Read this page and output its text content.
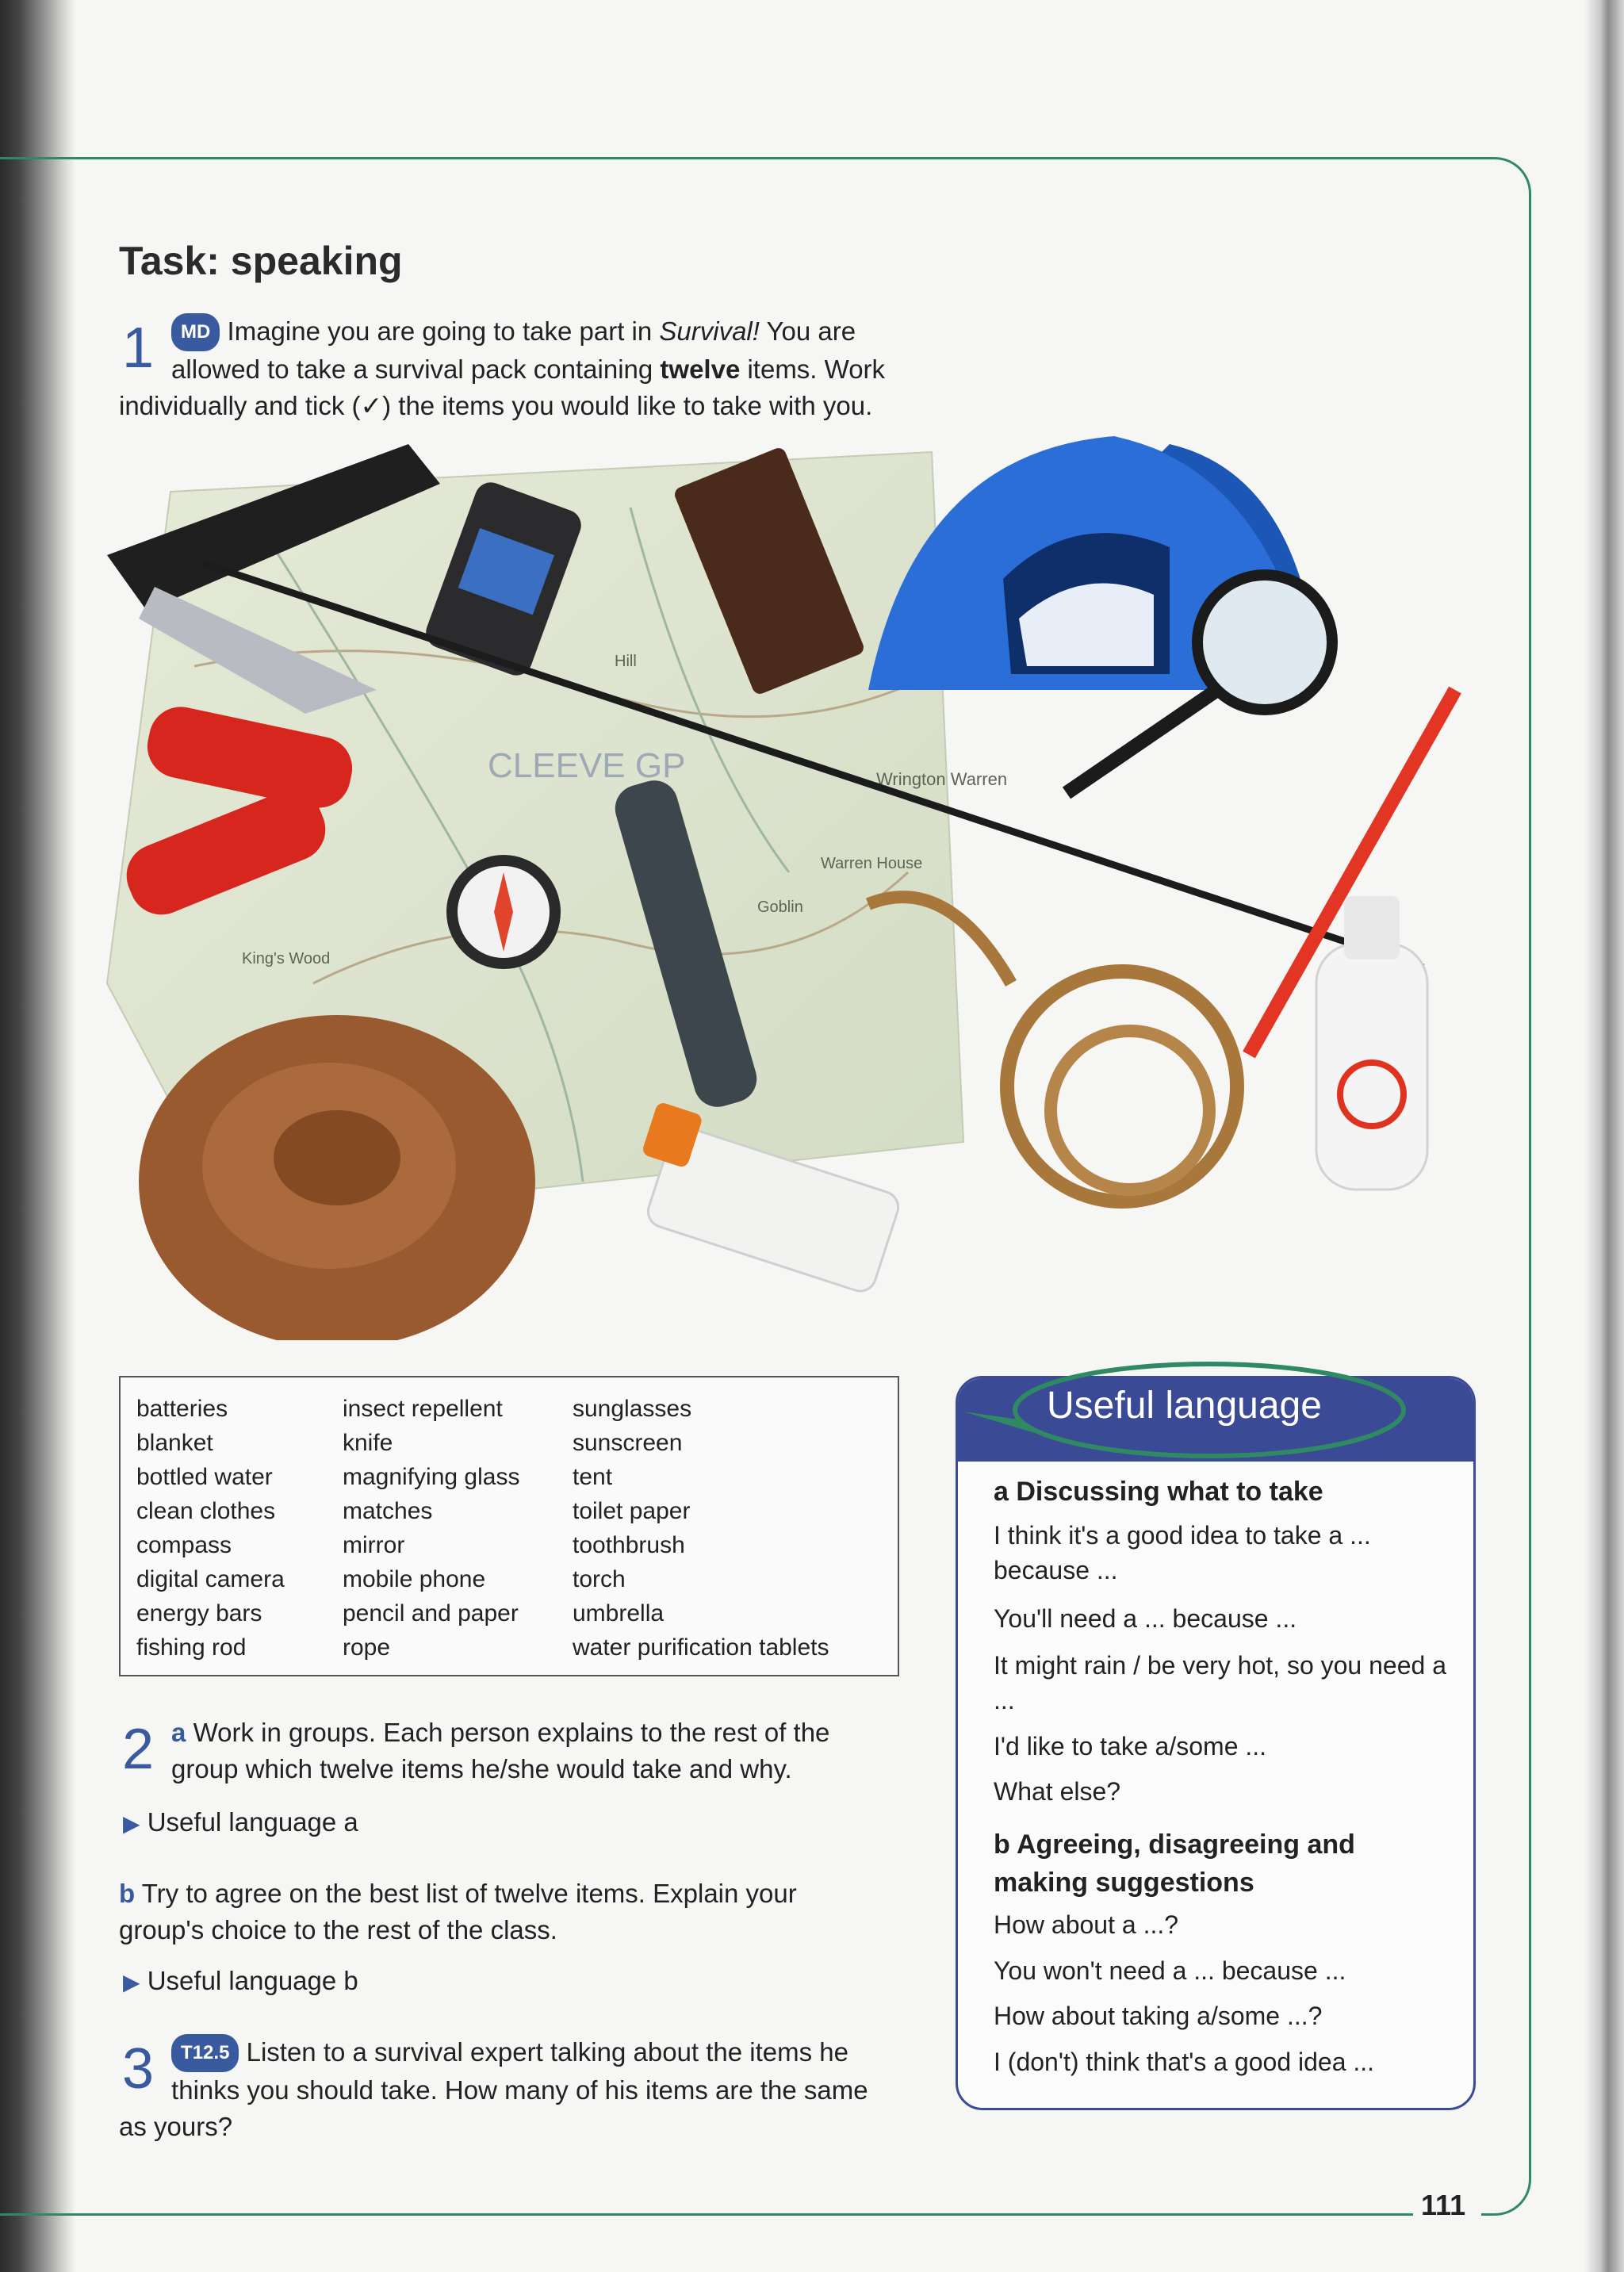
111
Task: speaking
1 MD Imagine you are going to take part in Survival! You are allowed to take a survival pack containing twelve items. Work individually and tick (✓) the items you would like to take with you.
CLEEVE GP	Wrington Warren
Warren House
King's Wood
Hill
Goblin
batteries
blanket
bottled water
clean clothes
compass
digital camera
energy bars
fishing rod
insect repellent
knife
magnifying glass
matches
mirror
mobile phone
pencil and paper
rope
sunglasses
sunscreen
tent
toilet paper
toothbrush
torch
umbrella
water purification tablets
2 a Work in groups. Each person explains to the rest of the group which twelve items he/she would take and why.
▶ Useful language a
b Try to agree on the best list of twelve items. Explain your group's choice to the rest of the class.
▶ Useful language b
3 T12.5 Listen to a survival expert talking about the items he thinks you should take. How many of his items are the same as yours?
Useful language
a Discussing what to take
I think it's a good idea to take a ... because ...
You'll need a ... because ...
It might rain / be very hot, so you need a ...
I'd like to take a/some ...
What else?
b Agreeing, disagreeing and making suggestions
How about a ...?
You won't need a ... because ...
How about taking a/some ...?
I (don't) think that's a good idea ...
